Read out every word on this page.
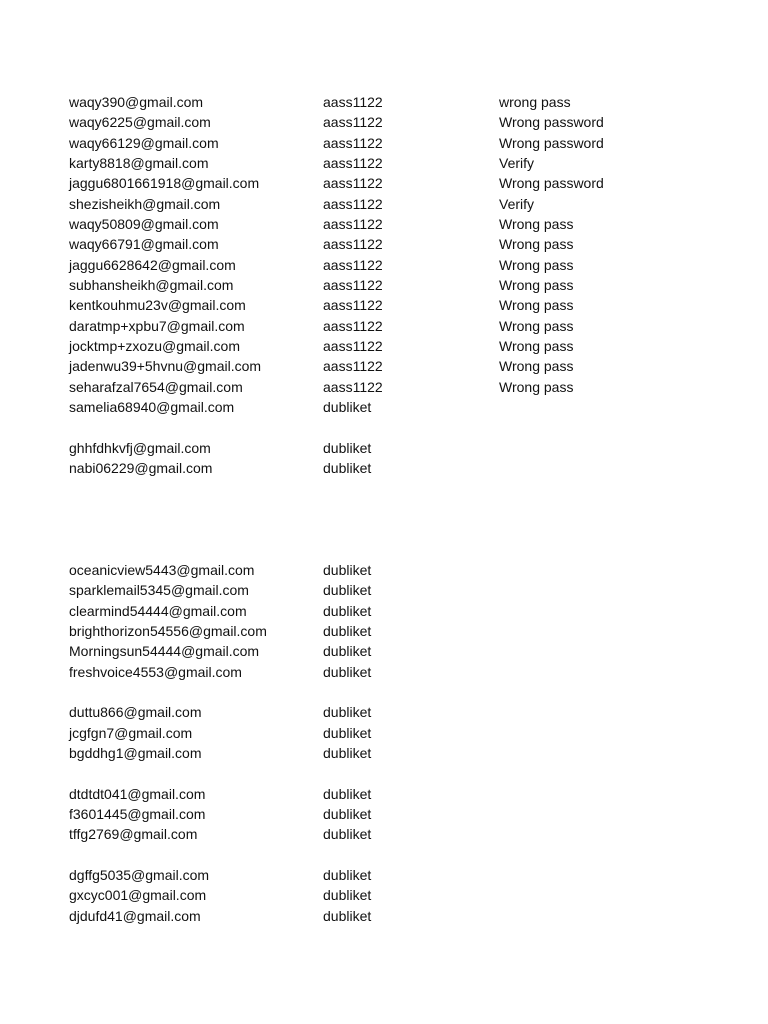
waqy390@gmail.com	aass1122	wrong pass
waqy6225@gmail.com	aass1122	Wrong password
waqy66129@gmail.com	aass1122	Wrong password
karty8818@gmail.com	aass1122	Verify
jaggu6801661918@gmail.com	aass1122	Wrong password
shezisheikh@gmail.com	aass1122	Verify
waqy50809@gmail.com	aass1122	Wrong pass
waqy66791@gmail.com	aass1122	Wrong pass
jaggu6628642@gmail.com	aass1122	Wrong pass
subhansheikh@gmail.com	aass1122	Wrong pass
kentkouhmu23v@gmail.com	aass1122	Wrong pass
daratmp+xpbu7@gmail.com	aass1122	Wrong pass
jocktmp+zxozu@gmail.com	aass1122	Wrong pass
jadenwu39+5hvnu@gmail.com	aass1122	Wrong pass
seharafzal7654@gmail.com	aass1122	Wrong pass
samelia68940@gmail.com	dubliket
ghhfdhkvfj@gmail.com	dubliket
nabi06229@gmail.com	dubliket
oceanicview5443@gmail.com	dubliket
sparklemail5345@gmail.com	dubliket
clearmind54444@gmail.com	dubliket
brighthorizon54556@gmail.com	dubliket
Morningsun54444@gmail.com	dubliket
freshvoice4553@gmail.com	dubliket
duttu866@gmail.com	dubliket
jcgfgn7@gmail.com	dubliket
bgddhg1@gmail.com	dubliket
dtdtdt041@gmail.com	dubliket
f3601445@gmail.com	dubliket
tffg2769@gmail.com	dubliket
dgffg5035@gmail.com	dubliket
gxcyc001@gmail.com	dubliket
djdufd41@gmail.com	dubliket
